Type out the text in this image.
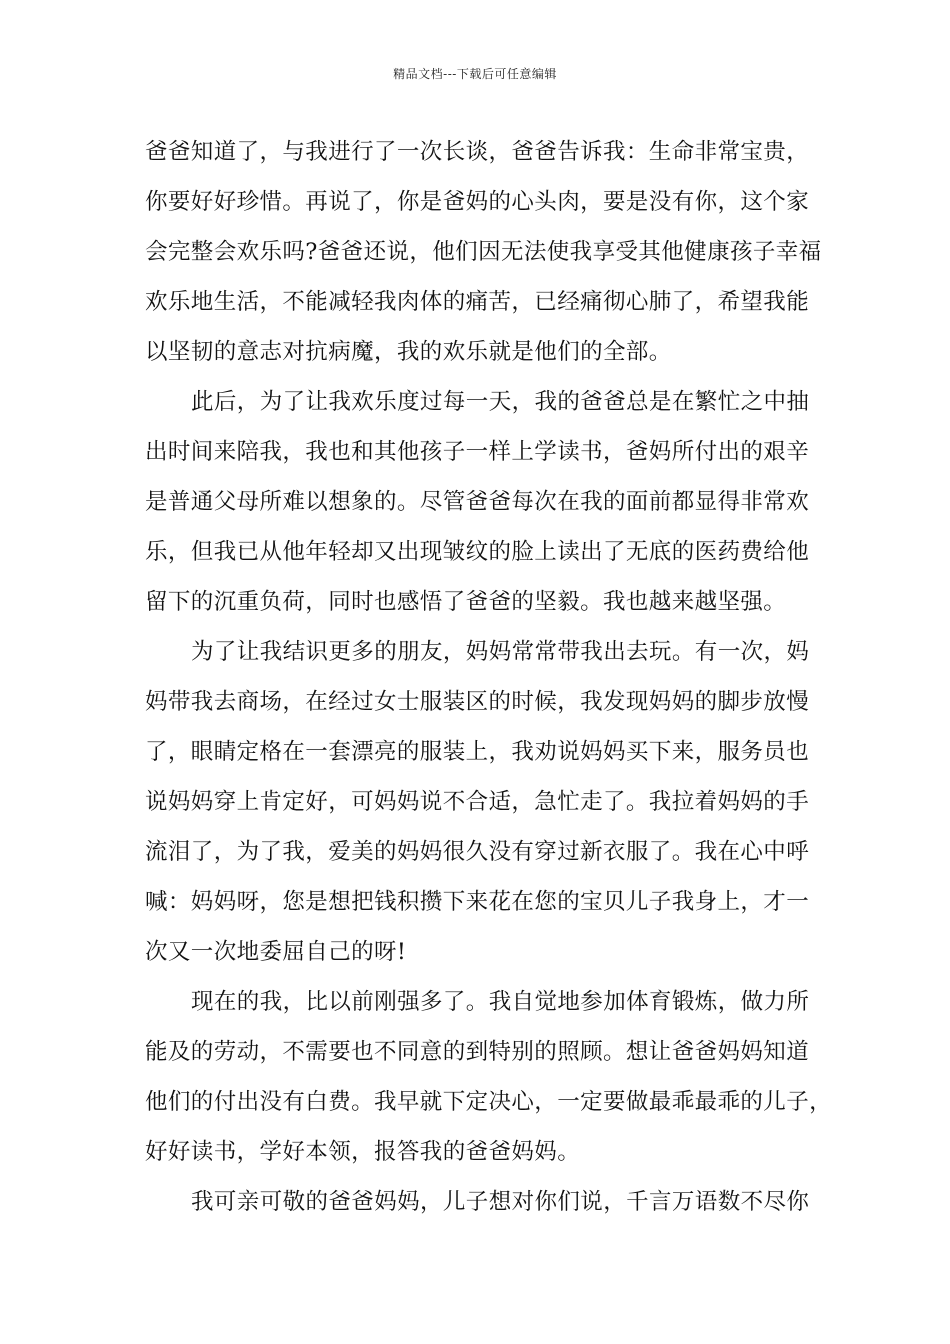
精品文档---下载后可任意编辑

爸爸知道了，与我进行了一次长谈，爸爸告诉我：生命非常宝贵，
你要好好珍惜。再说了，你是爸妈的心头肉，要是没有你，这个家
会完整会欢乐吗?爸爸还说，他们因无法使我享受其他健康孩子幸福
欢乐地生活，不能减轻我肉体的痛苦，已经痛彻心肺了，希望我能
以坚韧的意志对抗病魔，我的欢乐就是他们的全部。

此后，为了让我欢乐度过每一天，我的爸爸总是在繁忙之中抽
出时间来陪我，我也和其他孩子一样上学读书，爸妈所付出的艰辛
是普通父母所难以想象的。尽管爸爸每次在我的面前都显得非常欢
乐，但我已从他年轻却又出现皱纹的脸上读出了无底的医药费给他
留下的沉重负荷，同时也感悟了爸爸的坚毅。我也越来越坚强。

为了让我结识更多的朋友，妈妈常常带我出去玩。有一次，妈
妈带我去商场，在经过女士服装区的时候，我发现妈妈的脚步放慢
了，眼睛定格在一套漂亮的服装上，我劝说妈妈买下来，服务员也
说妈妈穿上肯定好，可妈妈说不合适，急忙走了。我拉着妈妈的手
流泪了，为了我，爱美的妈妈很久没有穿过新衣服了。我在心中呼
喊：妈妈呀，您是想把钱积攒下来花在您的宝贝儿子我身上，才一
次又一次地委屈自己的呀!

现在的我，比以前刚强多了。我自觉地参加体育锻炼，做力所
能及的劳动，不需要也不同意的到特别的照顾。想让爸爸妈妈知道
他们的付出没有白费。我早就下定决心，一定要做最乖最乖的儿子，
好好读书，学好本领，报答我的爸爸妈妈。

我可亲可敬的爸爸妈妈，儿子想对你们说，千言万语数不尽你
